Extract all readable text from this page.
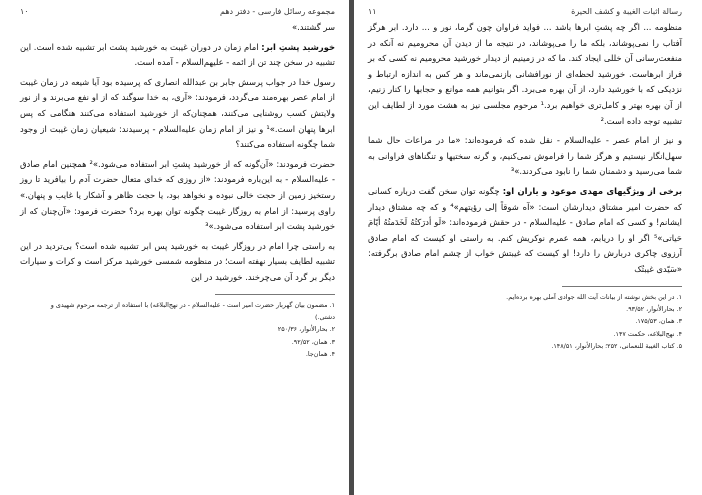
مجموعه رسائل فارسی - دفتر دهم
۱۰

سر گشتند.»

خورشید پشتِ ابر: امام زمان در دوران غیبت به خورشید پشت ابر تشبیه شده است. این تشبیه در سخن چند تن از ائمه - علیهم‌السلام - آمده است.

رسول خدا در جواب پرسش جابر بن عبدالله انصاری که پرسیده بود آیا شیعه در زمان غیبت از امام عصر بهره‌مند می‌گردد، فرمودند: «آری، به خدا سوگند که از او نفع می‌برند و از نور ولایتش کسب روشنایی می‌کنند، همچنان‌که از خورشید استفاده می‌کنند هنگامی که پس ابرها پنهان است.»¹ و نیز از امام زمان علیه‌السلام - پرسیدند: شیعیان زمان غیبت از وجود شما چگونه استفاده می‌کنند؟

حضرت فرمودند: «آن‌گونه که از خورشید پشتِ ابر استفاده می‌شود.»² همچنین امام صادق - علیه‌السلام - به این‌باره فرمودند: «از روزی که خدای متعال حضرت آدم را بیافرید تا روز رستخیز زمین از حجت خالی نبوده و نخواهد بود، یا حجت ظاهر و آشکار یا غایب و پنهان.» راوی پرسید: از امام به روزگار غیبت چگونه توان بهره برد؟ حضرت فرمود: «آن‌چنان که از خورشید پشت ابر استفاده می‌شود.»³

به راستی چرا امام در روزگار غیبت به خورشید پس ابر تشبیه شده است؟ بی‌تردید در این تشبیه لطایف بسیار نهفته است؛ در منظومه شمسی خورشید مرکز است و کرات و سیارات دیگر بر گرد آن می‌چرخند. خورشید در این

۱. مضمون بیان گهربار حضرت امیر است - علیه‌السلام - در نهج‌البلاغه) با استفاده از ترجمه مرحوم شهیدی و
دشتی.)
۲. بحارالأنوار، ۲۵۰/۳۶
۳. همان، ۹۲/۵۲.
۴. همان‌جا.
رسالة اثبات الغيبة و كشف الحيرة
۱۱

منظومه ... اگر چه پشتِ ابرها باشد ... فواید فراوان چون گرما، نور و ... دارد. ابر هرگز آفتاب را نمی‌پوشاند، بلکه ما را می‌پوشاند، در نتیجه ما از دیدن آن محرومیم نه آنکه در منفعت‌رسانی آن خللی ایجاد کند. ما که در زمینیم از دیدار خورشید محرومیم نه کسی که بر فراز ابرهاست. خورشید لحظه‌ای از نورافشانی بازنمی‌ماند و هر کس به اندازه ارتباط و نزدیکی که با خورشید دارد، از آن بهره می‌برد. اگر بتوانیم همه موانع و حجابها را کنار زنیم، از آن بهره بهتر و کامل‌تری خواهیم برد.¹ مرحوم مجلسی نیز به هشت مورد از لطایف این تشبیه توجه داده است.²

و نیز از امام عصر - علیه‌السلام - نقل شده که فرموده‌اند: «ما در مراعات حال شما سهل‌انگار نیستیم و هرگز شما را فراموش نمی‌کنیم، و گرنه سختیها و تنگناهای فراوانی به شما می‌رسید و دشمنان شما را نابود می‌کردند.»³

برخی از ویژگیهای مهدی موعود و یاران او: چگونه توان سخن گفت درباره کسانی که حضرت امیر مشتاق دیدارشان است: «آه شوقاً إلی رؤیتهم»⁴ و که چه مشتاق دیدار ایشانم! و کسی که امام صادق - علیه‌السلام - در حقش فرموده‌اند: «لَو أدرَکتُهُ لَخَدَمتُهُ أیّامَ حَیاتی»⁵ اگر او را دریابم، همه عمرم نوکریش کنم. به راستی او کیست که امام صادق آرزوی چاکری دربارش را دارد! او کیست که غیبتش خواب از چشم امام صادق برگرفته: «سَیّدی غیبتُک

۱. در این بخش نوشته از بیانات آیت الله جوادی آملی بهره برده‌ایم.
۲. بحارالأنوار، ۹۳/۵۲.
۳. همان، ۱۷۵/۵۳.
۴. نهج‌البلاغه، حکمت ۱۴۷.
۵. کتاب الغیبة للنعمانی، ۲۵۲؛ بحارالأنوار، ۱۴۸/۵۱.
